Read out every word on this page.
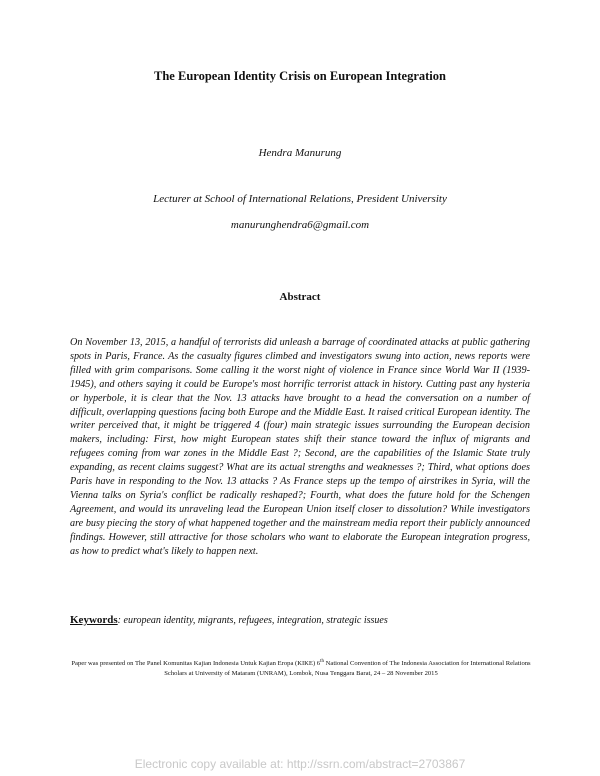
The European Identity Crisis on European Integration
Hendra Manurung
Lecturer at School of International Relations, President University
manurunghendra6@gmail.com
Abstract

On November 13, 2015, a handful of terrorists did unleash a barrage of coordinated attacks at public gathering spots in Paris, France. As the casualty figures climbed and investigators swung into action, news reports were filled with grim comparisons. Some calling it the worst night of violence in France since World War II (1939-1945), and others saying it could be Europe's most horrific terrorist attack in history. Cutting past any hysteria or hyperbole, it is clear that the Nov. 13 attacks have brought to a head the conversation on a number of difficult, overlapping questions facing both Europe and the Middle East. It raised critical European identity. The writer perceived that, it might be triggered 4 (four) main strategic issues surrounding the European decision makers, including: First, how might European states shift their stance toward the influx of migrants and refugees coming from war zones in the Middle East ?; Second, are the capabilities of the Islamic State truly expanding, as recent claims suggest? What are its actual strengths and weaknesses ?; Third, what options does Paris have in responding to the Nov. 13 attacks ? As France steps up the tempo of airstrikes in Syria, will the Vienna talks on Syria's conflict be radically reshaped?; Fourth, what does the future hold for the Schengen Agreement, and would its unraveling lead the European Union itself closer to dissolution? While investigators are busy piecing the story of what happened together and the mainstream media report their publicly announced findings. However, still attractive for those scholars who want to elaborate the European integration progress, as how to predict what's likely to happen next.

Keywords: european identity, migrants, refugees, integration, strategic issues
Paper was presented on The Panel Komunitas Kajian Indonesia Untuk Kajian Eropa (KIKE) 6th National Convention of The Indonesia Association for International Relations Scholars at University of Mataram (UNRAM), Lombok, Nusa Tenggara Barat, 24 – 28 November 2015
Electronic copy available at: http://ssrn.com/abstract=2703867
